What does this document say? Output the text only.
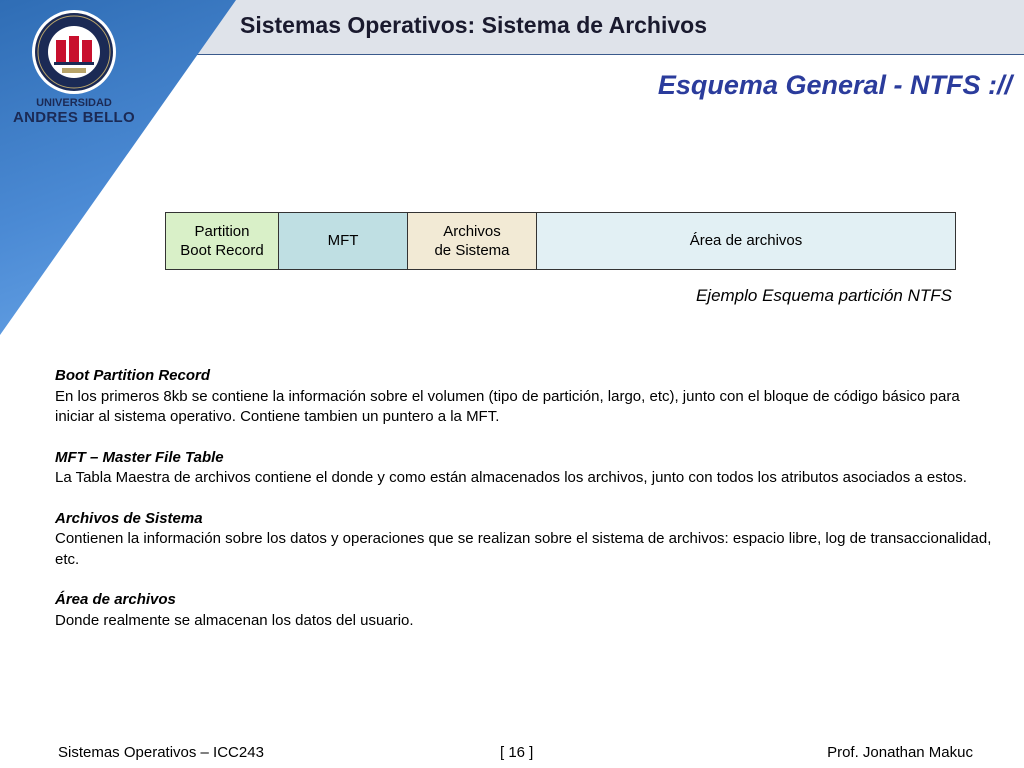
Sistemas Operativos: Sistema de Archivos
UNIVERSIDAD
ANDRES BELLO
Esquema General - NTFS ://
Partition
Boot Record
MFT
Archivos
de Sistema
Área de archivos
Ejemplo Esquema partición NTFS
Boot Partition Record
En los primeros 8kb se contiene la información sobre el volumen (tipo de partición, largo, etc), junto con el bloque de código básico para iniciar al sistema operativo. Contiene tambien un puntero a la MFT.
MFT – Master File Table
La Tabla Maestra de archivos contiene el donde y como están almacenados los archivos, junto con todos los atributos asociados a estos.
Archivos de Sistema
Contienen la información sobre los datos y operaciones que se realizan sobre el sistema de archivos: espacio libre, log de transaccionalidad, etc.
Área de archivos
Donde realmente se almacenan los datos del usuario.
Sistemas Operativos – ICC243	[ 16 ]	Prof. Jonathan Makuc
